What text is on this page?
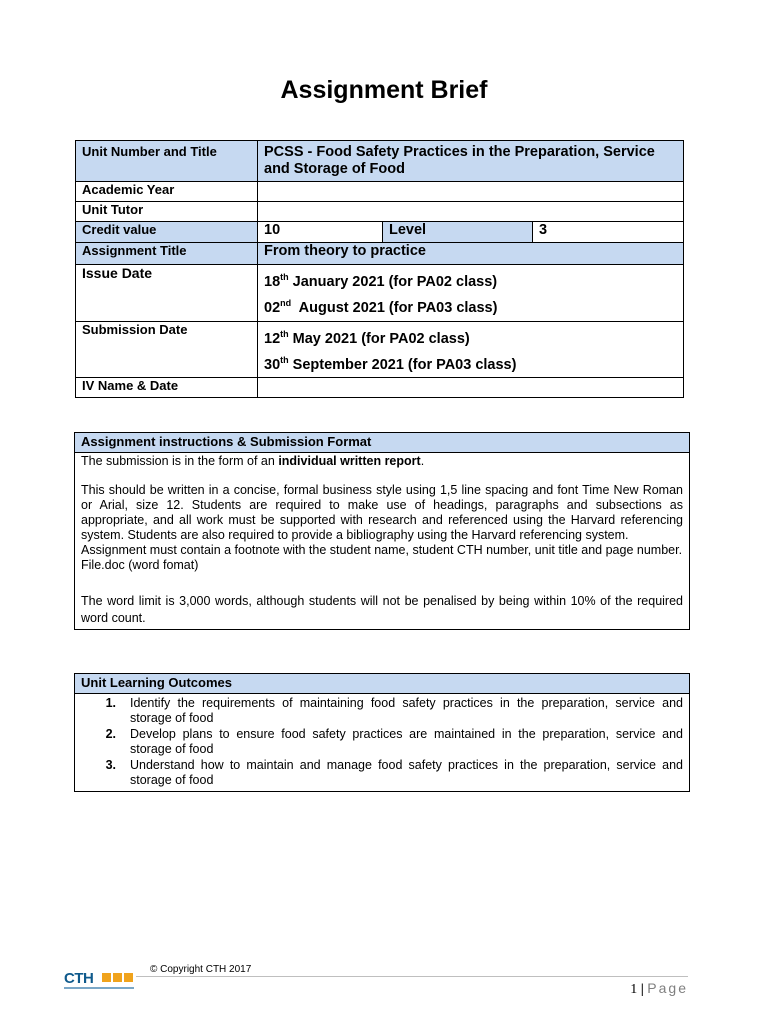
Assignment Brief
Unit Number and Title	PCSS - Food Safety Practices in the Preparation, Service and Storage of Food		
Academic Year			
Unit Tutor			
Credit value	10	Level	3
Assignment Title	From theory to practice		
Issue Date	18th January 2021 (for PA02 class)
02nd  August 2021 (for PA03 class)		

Submission Date	12th May 2021 (for PA02 class)
30th September 2021 (for PA03 class)		

IV Name & Date			
Assignment instructions & Submission Format

The submission is in the form of an individual written report.

This should be written in a concise, formal business style using 1,5 line spacing and font Time New Roman or Arial, size 12. Students are required to make use of headings, paragraphs and subsections as appropriate, and all work must be supported with research and referenced using the Harvard referencing system. Students are also required to provide a bibliography using the Harvard referencing system.

Assignment must contain a footnote with the student name, student CTH number, unit title and page number.

File.doc (word fomat)

The word limit is 3,000 words, although students will not be penalised by being within 10% of the required word count.

Unit Learning Outcomes

1.	Identify the requirements of maintaining food safety practices in the preparation, service and storage of food
2.	Develop plans to ensure food safety practices are maintained in the preparation, service and storage of food
3.	Understand how to maintain and manage food safety practices in the preparation, service and storage of food
CTH
© Copyright CTH 2017
1 | Page
